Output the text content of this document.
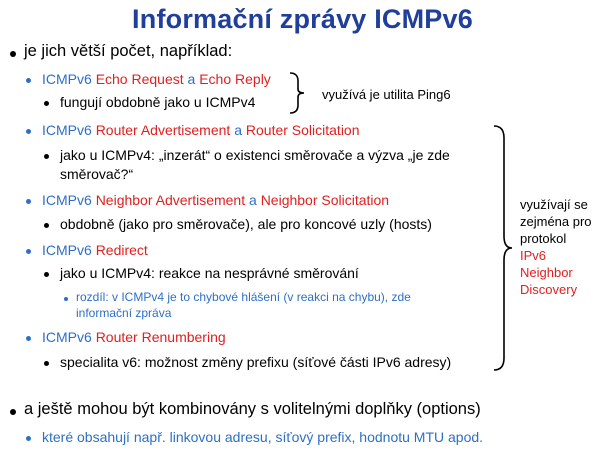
Informační zprávy ICMPv6
je jich větší počet, například:
ICMPv6 Echo Request a Echo Reply
fungují obdobně jako u ICMPv4
ICMPv6 Router Advertisement a Router Solicitation
jako u ICMPv4: „inzerát“ o existenci směrovače a výzva „je zde
směrovač?“
ICMPv6 Neighbor Advertisement a Neighbor Solicitation
obdobně (jako pro směrovače), ale pro koncové uzly (hosts)
ICMPv6 Redirect
jako u ICMPv4: reakce na nesprávné směrování
rozdíl: v ICMPv4 je to chybové hlášení (v reakci na chybu), zde
informační zpráva
ICMPv6 Router Renumbering
specialita v6: možnost změny prefixu (síťové části IPv6 adresy)
a ještě mohou být kombinovány s volitelnými doplňky (options)
které obsahují např. linkovou adresu, síťový prefix, hodnotu MTU apod.
využívá je utilita Ping6
využívají se
zejména pro
protokol
IPv6
Neighbor
Discovery
